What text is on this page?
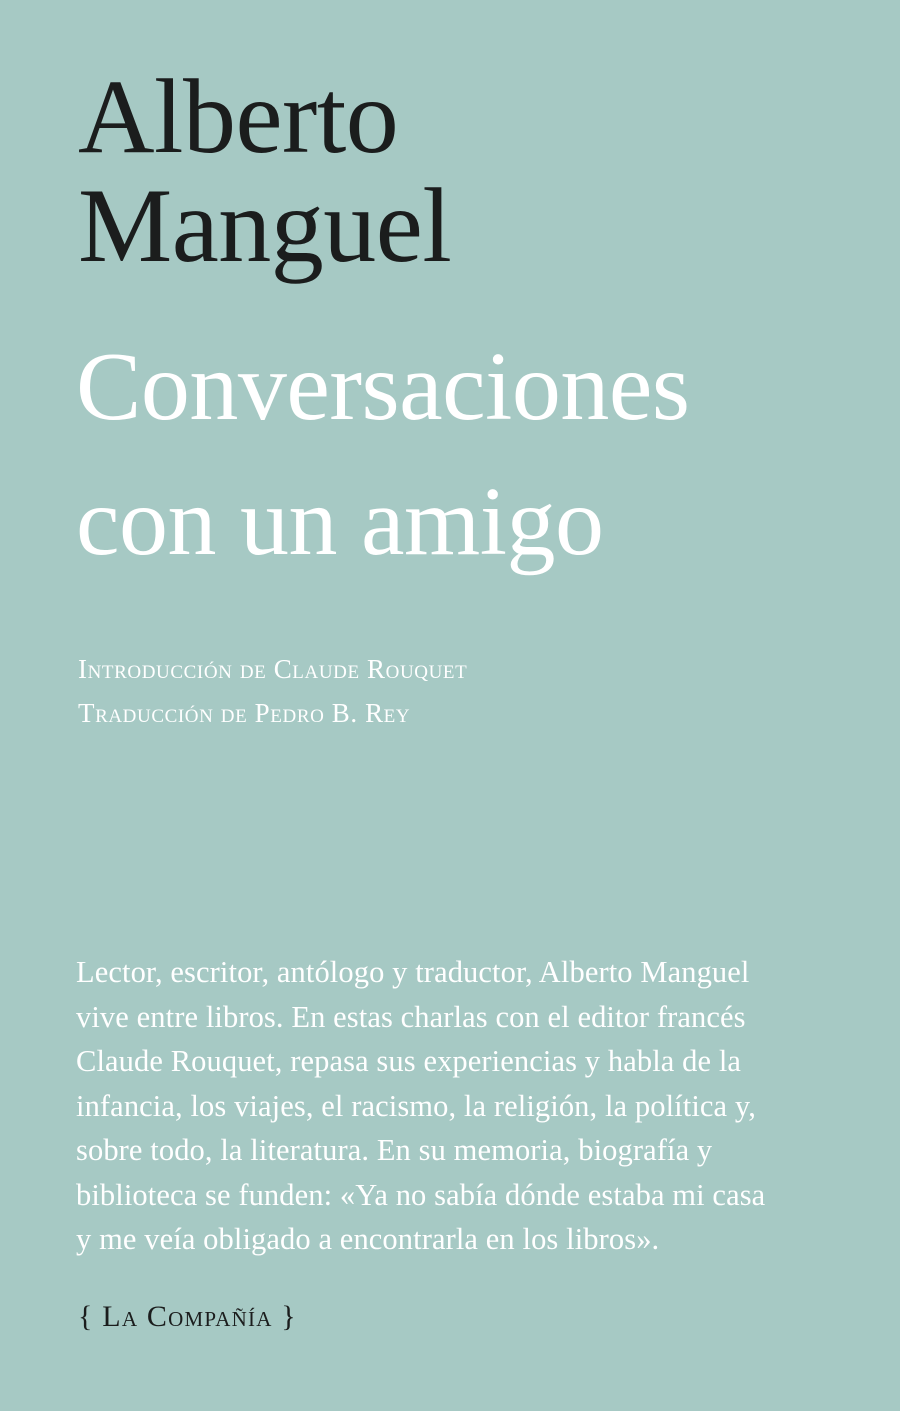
Alberto
Manguel
Conversaciones
con un amigo
Introducción de Claude Rouquet
Traducción de Pedro B. Rey
Lector, escritor, antólogo y traductor, Alberto Manguel
vive entre libros. En estas charlas con el editor francés
Claude Rouquet, repasa sus experiencias y habla de la
infancia, los viajes, el racismo, la religión, la política y,
sobre todo, la literatura. En su memoria, biografía y
biblioteca se funden: «Ya no sabía dónde estaba mi casa
y me veía obligado a encontrarla en los libros».
{ La Compañía }
